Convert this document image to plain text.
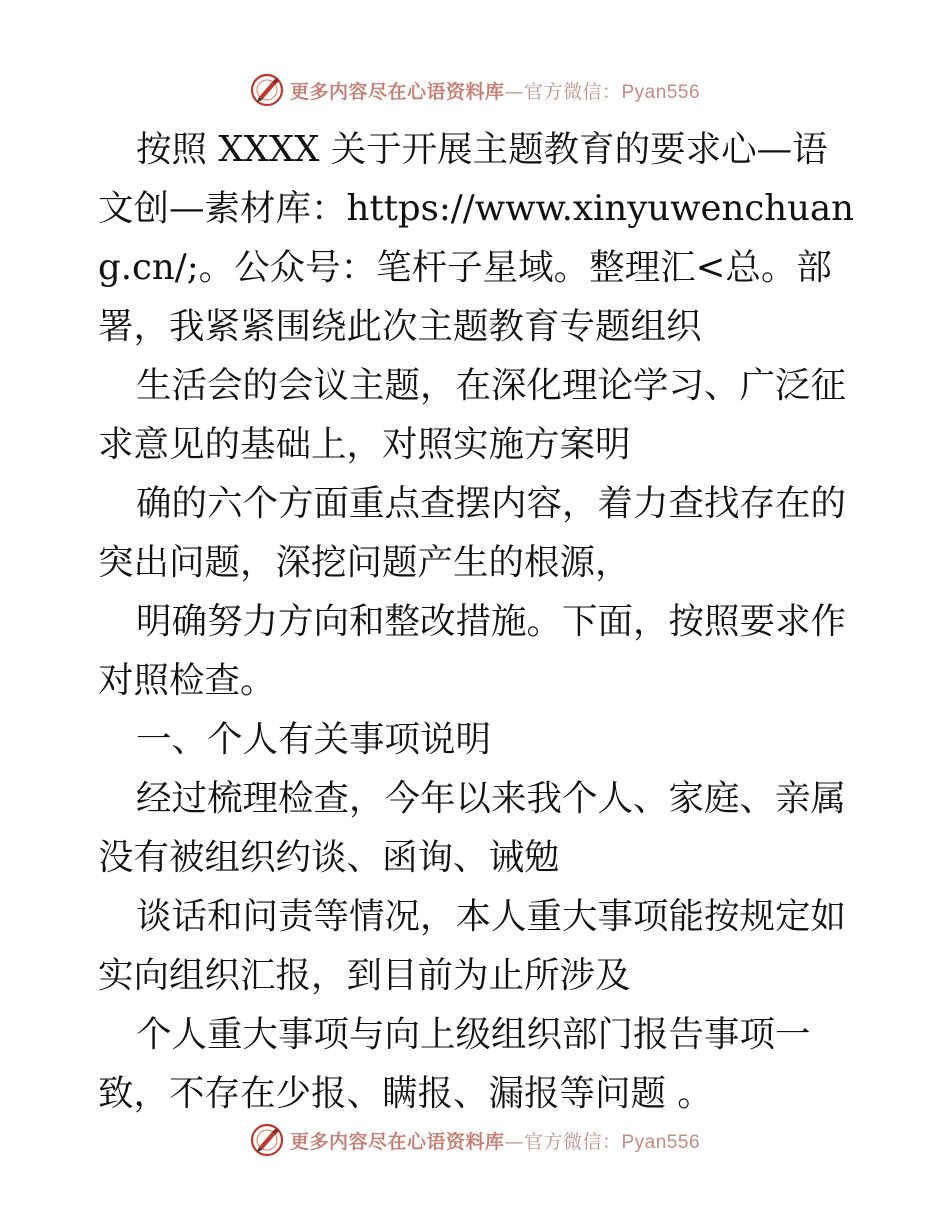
更多内容尽在心语资料库—官方微信：Pyan556

按照 XXXX 关于开展主题教育的要求心—语文创—素材库：https://www.xinyuwenchuang.cn/;。公众号：笔杆子星域。整理汇<总。部署，我紧紧围绕此次主题教育专题组织

生活会的会议主题，在深化理论学习、广泛征求意见的基础上，对照实施方案明

确的六个方面重点查摆内容，着力查找存在的突出问题，深挖问题产生的根源，

明确努力方向和整改措施。下面，按照要求作对照检查。

一、个人有关事项说明

经过梳理检查，今年以来我个人、家庭、亲属没有被组织约谈、函询、诫勉

谈话和问责等情况，本人重大事项能按规定如实向组织汇报，到目前为止所涉及

个人重大事项与向上级组织部门报告事项一致，不存在少报、瞒报、漏报等问题 。

更多内容尽在心语资料库—官方微信：Pyan556
